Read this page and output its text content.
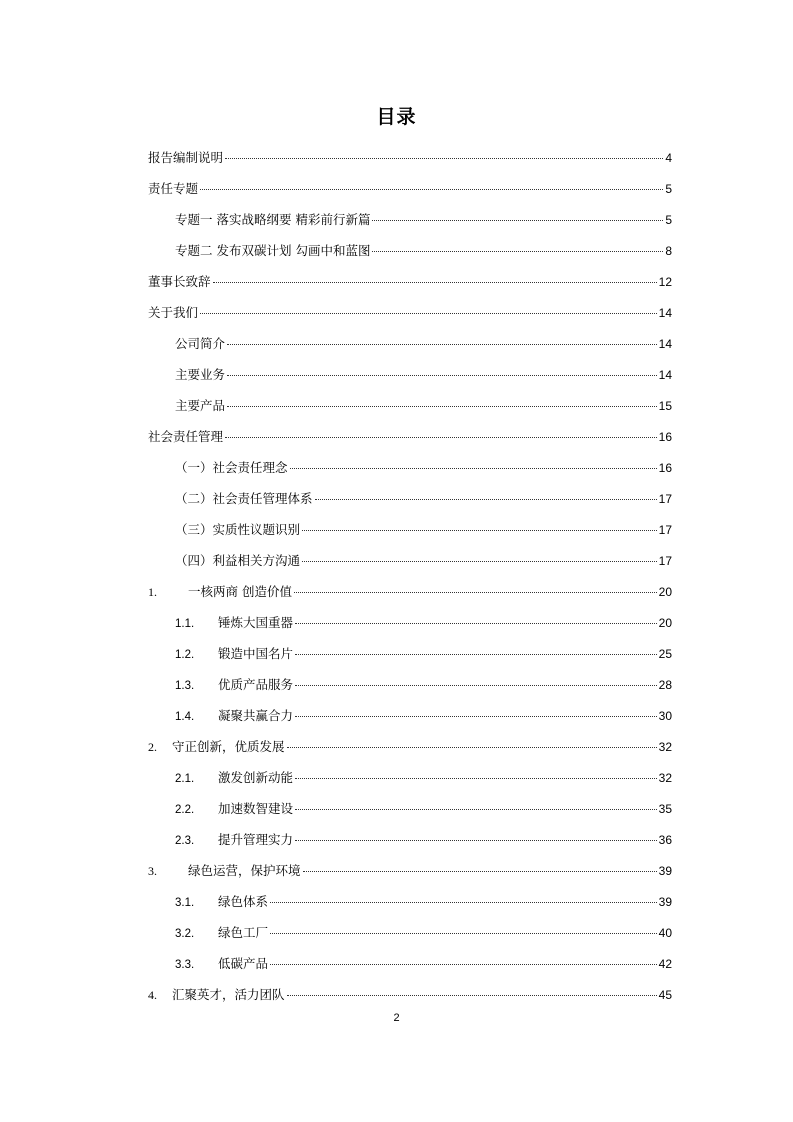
目录
报告编制说明	4
责任专题	5
专题一 落实战略纲要 精彩前行新篇	5
专题二 发布双碳计划 勾画中和蓝图	8
董事长致辞	12
关于我们	14
公司简介	14
主要业务	14
主要产品	15
社会责任管理	16
（一）社会责任理念	16
（二）社会责任管理体系	17
（三）实质性议题识别	17
（四）利益相关方沟通	17
1.	一核两商 创造价值	20
1.1.	锤炼大国重器	20
1.2.	锻造中国名片	25
1.3.	优质产品服务	28
1.4.	凝聚共赢合力	30
2.	守正创新，优质发展	32
2.1.	激发创新动能	32
2.2.	加速数智建设	35
2.3.	提升管理实力	36
3.	绿色运营，保护环境	39
3.1.	绿色体系	39
3.2.	绿色工厂	40
3.3.	低碳产品	42
4.	汇聚英才，活力团队	45
2
